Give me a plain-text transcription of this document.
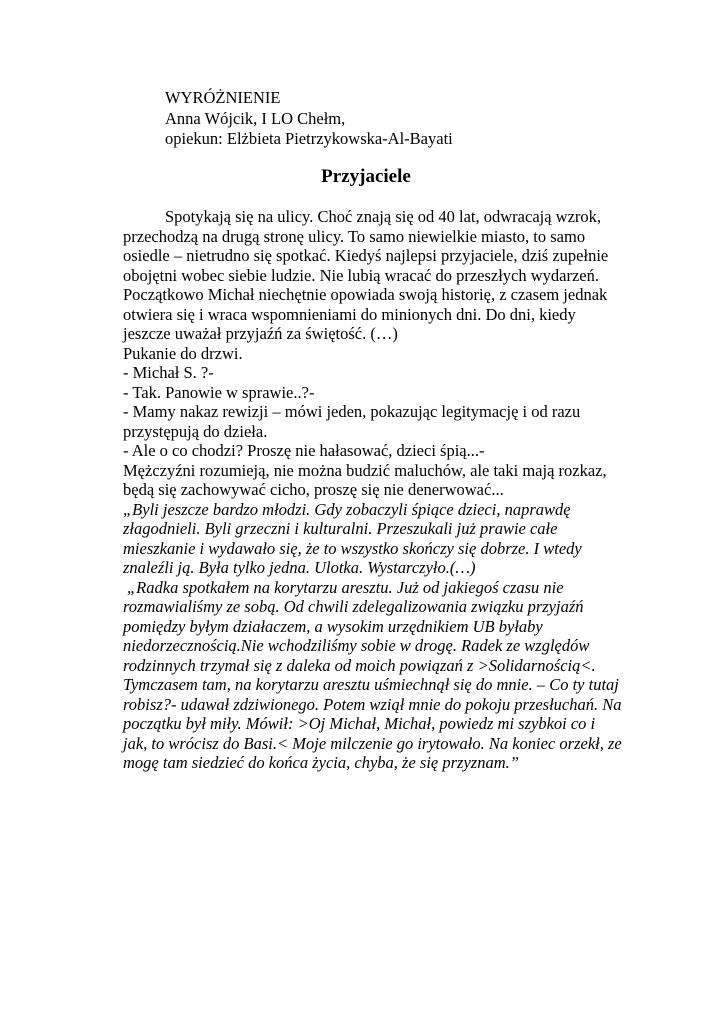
WYRÓŻNIENIE
Anna Wójcik, I LO Chełm,
opiekun: Elżbieta Pietrzykowska-Al-Bayati
Przyjaciele
Spotykają się na ulicy. Choć znają się od 40 lat, odwracają wzrok,
przechodzą na drugą stronę ulicy. To samo niewielkie miasto, to samo
osiedle – nietrudno się spotkać. Kiedyś najlepsi przyjaciele, dziś zupełnie
obojętni wobec siebie ludzie. Nie lubią wracać do przeszłych wydarzeń.
Początkowo Michał niechętnie opowiada swoją historię, z czasem jednak
otwiera się i wraca wspomnieniami do minionych dni. Do dni, kiedy
jeszcze uważał przyjaźń za świętość. (…)
Pukanie do drzwi.
- Michał S. ?-
- Tak. Panowie w sprawie..?-
- Mamy nakaz rewizji – mówi jeden, pokazując legitymację i od razu
przystępują do dzieła.
- Ale o co chodzi? Proszę nie hałasować, dzieci śpią...-
Mężczyźni rozumieją, nie można budzić maluchów, ale taki mają rozkaz,
będą się zachowywać cicho, proszę się nie denerwować...
„Byli jeszcze bardzo młodzi. Gdy zobaczyli śpiące dzieci, naprawdę
złagodnieli. Byli grzeczni i kulturalni. Przeszukali już prawie całe
mieszkanie i wydawało się, że to wszystko skończy się dobrze. I wtedy
znaleźli ją. Była tylko jedna. Ulotka. Wystarczyło.(…)
„Radka spotkałem na korytarzu aresztu. Już od jakiegoś czasu nie
rozmawialiśmy ze sobą. Od chwili zdelegalizowania związku przyjaźń
pomiędzy byłym działaczem, a wysokim urzędnikiem UB byłaby
niedorzecznością.Nie wchodziliśmy sobie w drogę. Radek ze względów
rodzinnych trzymał się z daleka od moich powiązań z >Solidarnością<.
Tymczasem tam, na korytarzu aresztu uśmiechnął się do mnie. – Co ty tutaj
robisz?- udawał zdziwionego. Potem wziął mnie do pokoju przesłuchań. Na
początku był miły. Mówił: >Oj Michał, Michał, powiedz mi szybkoi co i
jak, to wrócisz do Basi.< Moje milczenie go irytowało. Na koniec orzekł, ze
mogę tam siedzieć do końca życia, chyba, że się przyznam.”
